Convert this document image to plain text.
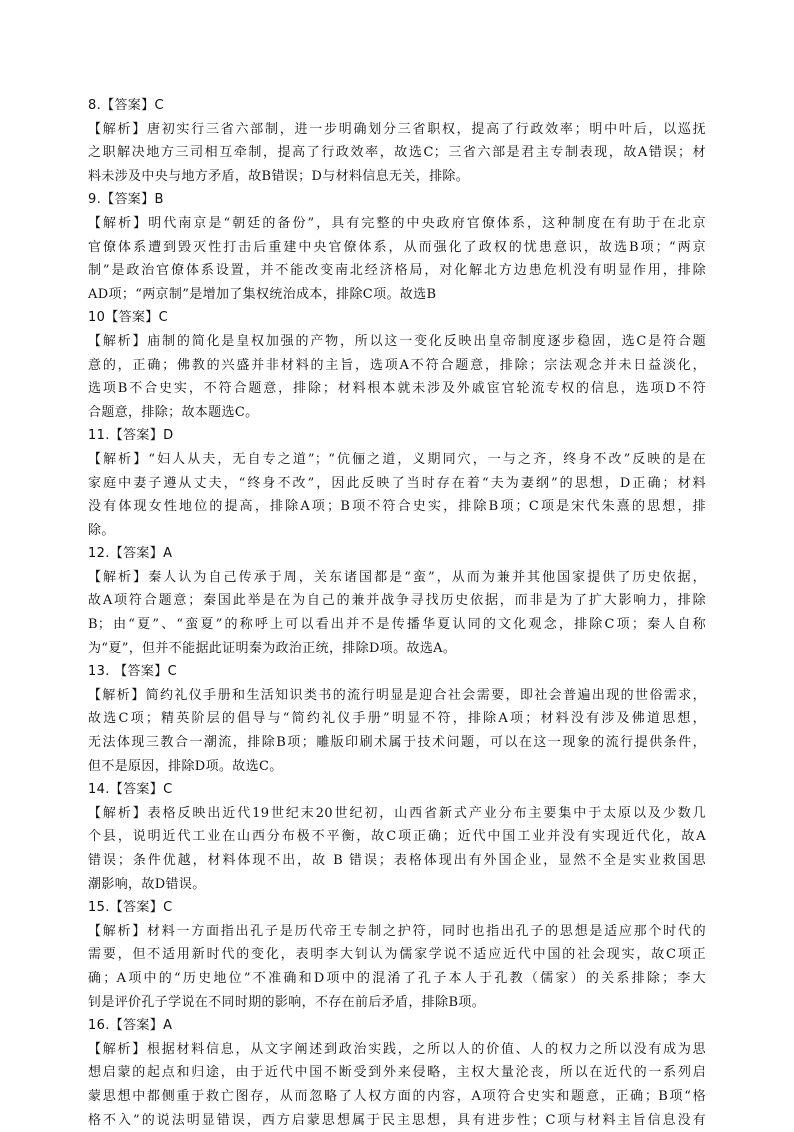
8.【答案】C

【解析】唐初实行三省六部制，进一步明确划分三省职权，提高了行政效率；明中叶后，以巡抚

之职解决地方三司相互牵制，提高了行政效率，故选C；三省六部是君主专制表现，故A错误；材

料未涉及中央与地方矛盾，故B错误；D与材料信息无关，排除。

9.【答案】B

【解析】明代南京是“朝廷的备份”，具有完整的中央政府官僚体系，这种制度在有助于在北京

官僚体系遭到毁灭性打击后重建中央官僚体系，从而强化了政权的忧患意识，故选B项；“两京

制”是政治官僚体系设置，并不能改变南北经济格局，对化解北方边患危机没有明显作用，排除

AD项；“两京制”是增加了集权统治成本，排除C项。故选B

10【答案】C

【解析】庙制的简化是皇权加强的产物，所以这一变化反映出皇帝制度逐步稳固，选C是符合题

意的，正确；佛教的兴盛并非材料的主旨，选项A不符合题意，排除；宗法观念并未日益淡化，

选项B不合史实，不符合题意，排除；材料根本就未涉及外戚宦官轮流专权的信息，选项D不符

合题意，排除；故本题选C。

11.【答案】D

【解析】“妇人从夫，无自专之道”；“伉俪之道，义期同穴，一与之齐，终身不改”反映的是在

家庭中妻子遵从丈夫，“终身不改”，因此反映了当时存在着“夫为妻纲”的思想，D正确；材料

没有体现女性地位的提高，排除A项；B项不符合史实，排除B项；C项是宋代朱熹的思想，排

除。

12.【答案】A

【解析】秦人认为自己传承于周，关东诸国都是“蛮”，从而为兼并其他国家提供了历史依据，

故A项符合题意；秦国此举是在为自己的兼并战争寻找历史依据，而非是为了扩大影响力，排除

B；由“夏”、“蛮夏”的称呼上可以看出并不是传播华夏认同的文化观念，排除C项；秦人自称

为“夏”，但并不能据此证明秦为政治正统，排除D项。故选A。

13. 【答案】C

【解析】简约礼仪手册和生活知识类书的流行明显是迎合社会需要，即社会普遍出现的世俗需求，

故选C项；精英阶层的倡导与“简约礼仪手册”明显不符，排除A项；材料没有涉及佛道思想，

无法体现三教合一潮流，排除B项；雕版印刷术属于技术问题，可以在这一现象的流行提供条件，

但不是原因，排除D项。故选C。

14.【答案】C

【解析】表格反映出近代19世纪末20世纪初，山西省新式产业分布主要集中于太原以及少数几

个县，说明近代工业在山西分布极不平衡，故C项正确；近代中国工业并没有实现近代化，故A

错误；条件优越，材料体现不出，故 B 错误；表格体现出有外国企业，显然不全是实业救国思

潮影响，故D错误。

15.【答案】C

【解析】材料一方面指出孔子是历代帝王专制之护符，同时也指出孔子的思想是适应那个时代的

需要，但不适用新时代的变化，表明李大钊认为儒家学说不适应近代中国的社会现实，故C项正

确；A项中的“历史地位”不准确和D项中的混淆了孔子本人于孔教（儒家）的关系排除；李大

钊是评价孔子学说在不同时期的影响，不存在前后矛盾，排除B项。

16.【答案】A

【解析】根据材料信息，从文字阐述到政治实践，之所以人的价值、人的权力之所以没有成为思

想启蒙的起点和归途，由于近代中国不断受到外来侵略，主权大量沦丧，所以在近代的一系列启

蒙思想中都侧重于救亡图存，从而忽略了人权方面的内容，A项符合史实和题意，正确；B项“格

格不入”的说法明显错误，西方启蒙思想属于民主思想，具有进步性；C项与材料主旨信息没有
